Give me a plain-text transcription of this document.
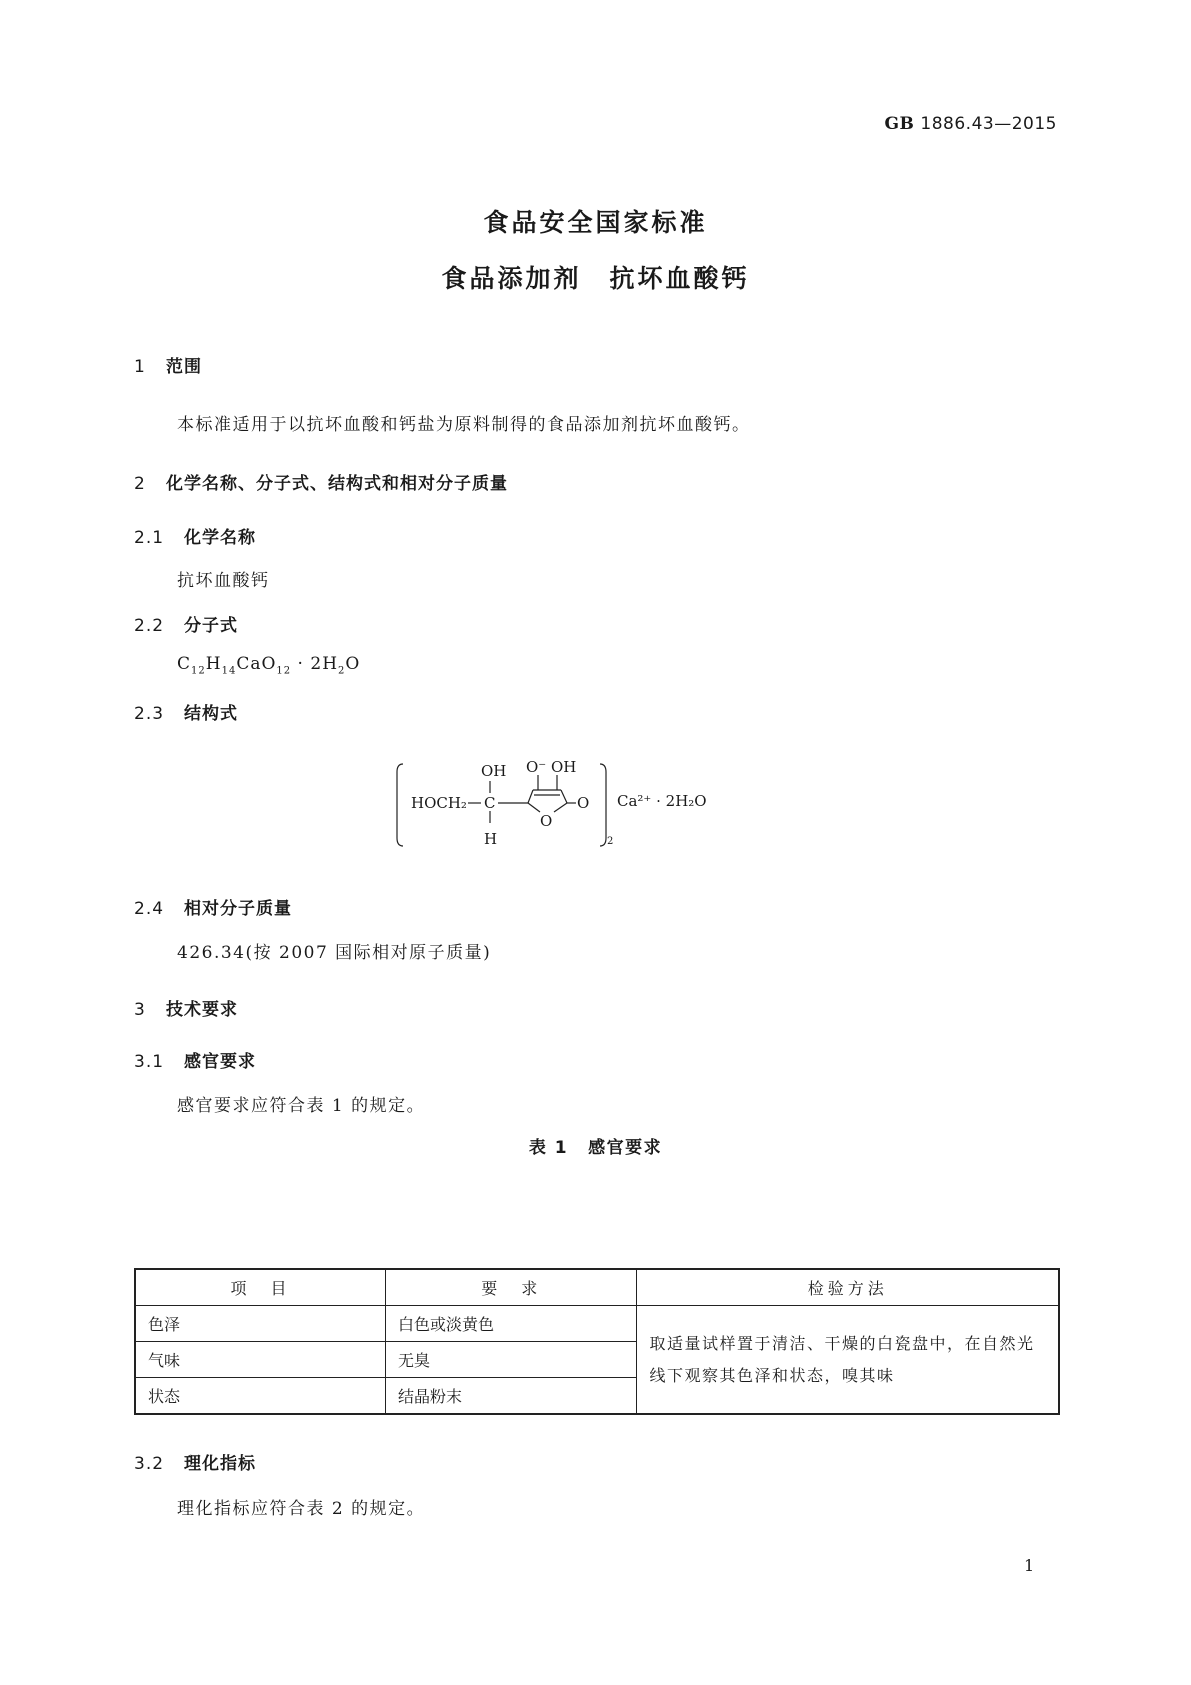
GB 1886.43—2015
食品安全国家标准
食品添加剂　抗坏血酸钙
1 范围
本标准适用于以抗坏血酸和钙盐为原料制得的食品添加剂抗坏血酸钙。
2 化学名称、分子式、结构式和相对分子质量
2.1 化学名称
抗坏血酸钙
2.2 分子式
$C_{12}H_{14}CaO_{12} \cdot 2H_2O$
2.3 结构式
OH O⁻ OH
HOCH₂ C	O
O
H	2
Ca²⁺ · 2H₂O
2.4 相对分子质量
426.34(按 2007 国际相对原子质量)
3 技术要求
3.1 感官要求
感官要求应符合表 1 的规定。
表 1 感官要求
项　目	要　求	检验方法
色泽	白色或淡黄色	取适量试样置于清洁、干燥的白瓷盘中，在自然光线下观察其色泽和状态，嗅其味
气味	无臭	
状态	结晶粉末	
3.2 理化指标
理化指标应符合表 2 的规定。
1
